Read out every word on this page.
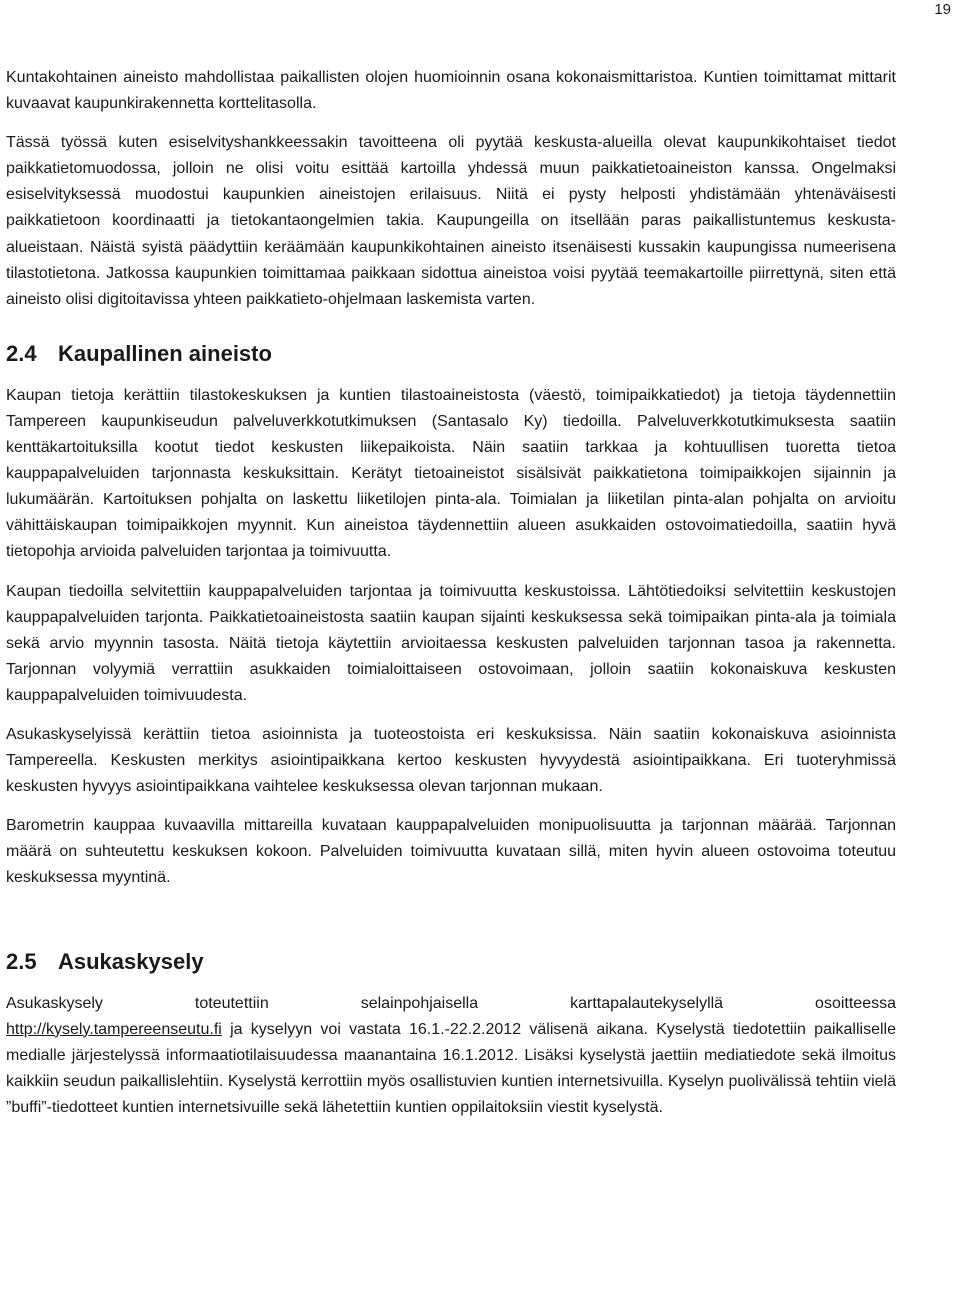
19

Kuntakohtainen aineisto mahdollistaa paikallisten olojen huomioinnin osana kokonaismittaristoa. Kuntien toimittamat mittarit kuvaavat kaupunkirakennetta korttelitasolla.

Tässä työssä kuten esiselvityshankkeessakin tavoitteena oli pyytää keskusta-alueilla olevat kaupunkikohtaiset tiedot paikkatietomuodossa, jolloin ne olisi voitu esittää kartoilla yhdessä muun paikkatietoaineiston kanssa. Ongelmaksi esiselvityksessä muodostui kaupunkien aineistojen erilaisuus. Niitä ei pysty helposti yhdistämään yhtenäväisesti paikkatietoon koordinaatti ja tietokantaongelmien takia. Kaupungeilla on itsellään paras paikallistuntemus keskusta-alueistaan. Näistä syistä päädyttiin keräämään kaupunkikohtainen aineisto itsenäisesti kussakin kaupungissa numeerisena tilastotietona. Jatkossa kaupunkien toimittamaa paikkaan sidottua aineistoa voisi pyytää teemakartoille piirrettynä, siten että aineisto olisi digitoitavissa yhteen paikkatieto-ohjelmaan laskemista varten.

2.4 Kaupallinen aineisto

Kaupan tietoja kerättiin tilastokeskuksen ja kuntien tilastoaineistosta (väestö, toimipaikkatiedot) ja tietoja täydennettiin Tampereen kaupunkiseudun palveluverkkotutkimuksen (Santasalo Ky) tiedoilla. Palveluverkkotutkimuksesta saatiin kenttäkartoituksilla kootut tiedot keskusten liikepaikoista. Näin saatiin tarkkaa ja kohtuullisen tuoretta tietoa kauppapalveluiden tarjonnasta keskuksittain. Kerätyt tietoaineistot sisälsivät paikkatietona toimipaikkojen sijainnin ja lukumäärän. Kartoituksen pohjalta on laskettu liiketilojen pinta-ala. Toimialan ja liiketilan pinta-alan pohjalta on arvioitu vähittäiskaupan toimipaikkojen myynnit. Kun aineistoa täydennettiin alueen asukkaiden ostovoimatiedoilla, saatiin hyvä tietopohja arvioida palveluiden tarjontaa ja toimivuutta.

Kaupan tiedoilla selvitettiin kauppapalveluiden tarjontaa ja toimivuutta keskustoissa. Lähtötiedoiksi selvitettiin keskustojen kauppapalveluiden tarjonta. Paikkatietoaineistosta saatiin kaupan sijainti keskuksessa sekä toimipaikan pinta-ala ja toimiala sekä arvio myynnin tasosta. Näitä tietoja käytettiin arvioitaessa keskusten palveluiden tarjonnan tasoa ja rakennetta. Tarjonnan volyymiä verrattiin asukkaiden toimialoittaiseen ostovoimaan, jolloin saatiin kokonaiskuva keskusten kauppapalveluiden toimivuudesta.

Asukaskyselyissä kerättiin tietoa asioinnista ja tuoteostoista eri keskuksissa. Näin saatiin kokonaiskuva asioinnista Tampereella. Keskusten merkitys asiointipaikkana kertoo keskusten hyvyydestä asiointipaikkana. Eri tuoteryhmissä keskusten hyvyys asiointipaikkana vaihtelee keskuksessa olevan tarjonnan mukaan.

Barometrin kauppaa kuvaavilla mittareilla kuvataan kauppapalveluiden monipuolisuutta ja tarjonnan määrää. Tarjonnan määrä on suhteutettu keskuksen kokoon. Palveluiden toimivuutta kuvataan sillä, miten hyvin alueen ostovoima toteutuu keskuksessa myyntinä.

2.5 Asukaskysely

Asukaskysely toteutettiin selainpohjaisella karttapalautekyselyllä osoitteessa
http://kysely.tampereenseutu.fi ja kyselyyn voi vastata 16.1.-22.2.2012 välisenä aikana. Kyselystä tiedotettiin paikalliselle medialle järjestelyssä informaatiotilaisuudessa maanantaina 16.1.2012. Lisäksi kyselystä jaettiin mediatiedote sekä ilmoitus kaikkiin seudun paikallislehtiin. Kyselystä kerrottiin myös osallistuvien kuntien internetsivuilla. Kyselyn puolivälissä tehtiin vielä ”buffi”-tiedotteet kuntien internetsivuille sekä lähetettiin kuntien oppilaitoksiin viestit kyselystä.
